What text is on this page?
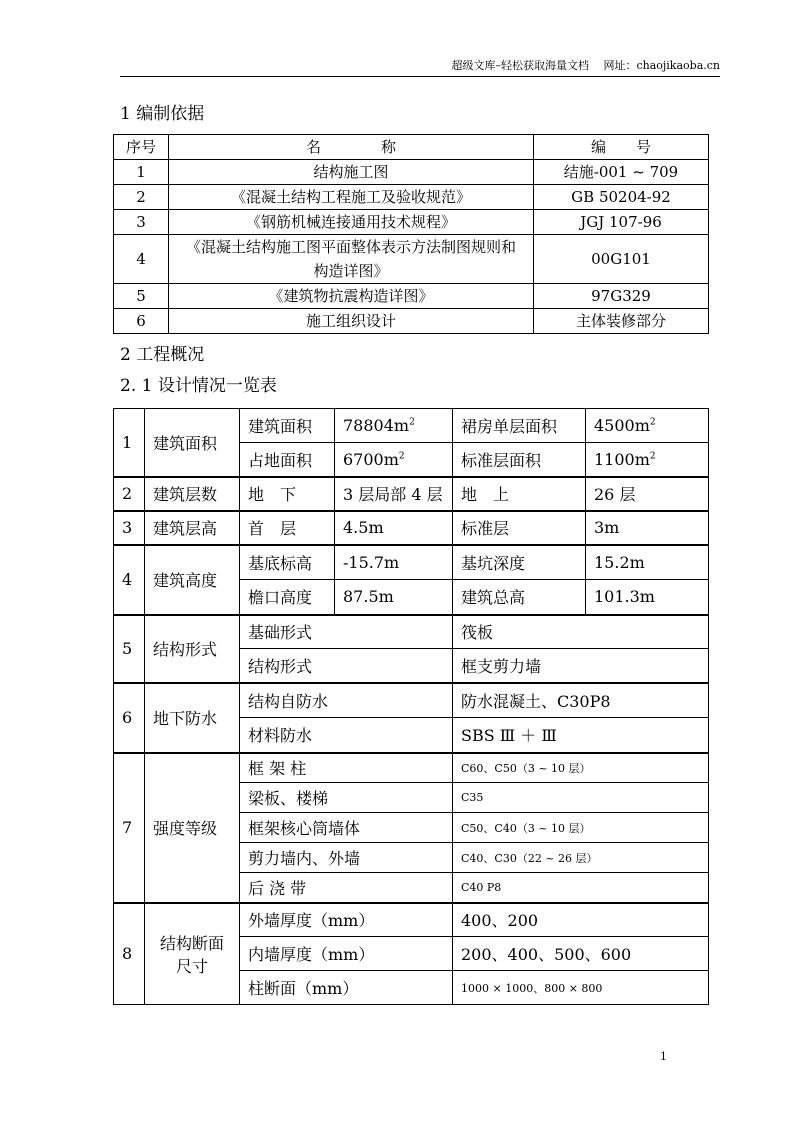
超级文库–轻松获取海量文档　 网址：chaojikaoba.cn
1 编制依据
序号	名　　　　称	编　　号
1	结构施工图	结施-001 ~ 709
2	《混凝土结构工程施工及验收规范》	GB 50204-92
3	《钢筋机械连接通用技术规程》	JGJ 107-96
4	《混凝土结构施工图平面整体表示方法制图规则和构造详图》	00G101
5	《建筑物抗震构造详图》	97G329
6	施工组织设计	主体装修部分
2 工程概况
2. 1 设计情况一览表
1	建筑面积	建筑面积	$78804m^2$	裙房单层面积	$4500m^2$
		占地面积	$6700m^2$	标准层面积	$1100m^2$
2	建筑层数	地　下	3 层局部 4 层	地　上	26 层
3	建筑层高	首　层	4.5m	标准层	3m
4	建筑高度	基底标高	-15.7m	基坑深度	15.2m
		檐口高度	87.5m	建筑总高	101.3m
5	结构形式	基础形式		筏板	
		结构形式		框支剪力墙	
6	地下防水	结构自防水		防水混凝土、C30P8	
		材料防水		SBS Ⅲ ＋ Ⅲ	
7	强度等级	框 架 柱		C60、C50（3 ~ 10 层）	
		梁板、楼梯		C35	
		框架核心筒墙体		C50、C40（3 ~ 10 层）	
		剪力墙内、外墙		C40、C30（22 ~ 26 层）	
		后 浇 带		C40 P8	
8	结构断面尺寸	外墙厚度（mm）		400、200	
		内墙厚度（mm）		200、400、500、600	
		柱断面（mm）		1000 × 1000、800 × 800	
1
